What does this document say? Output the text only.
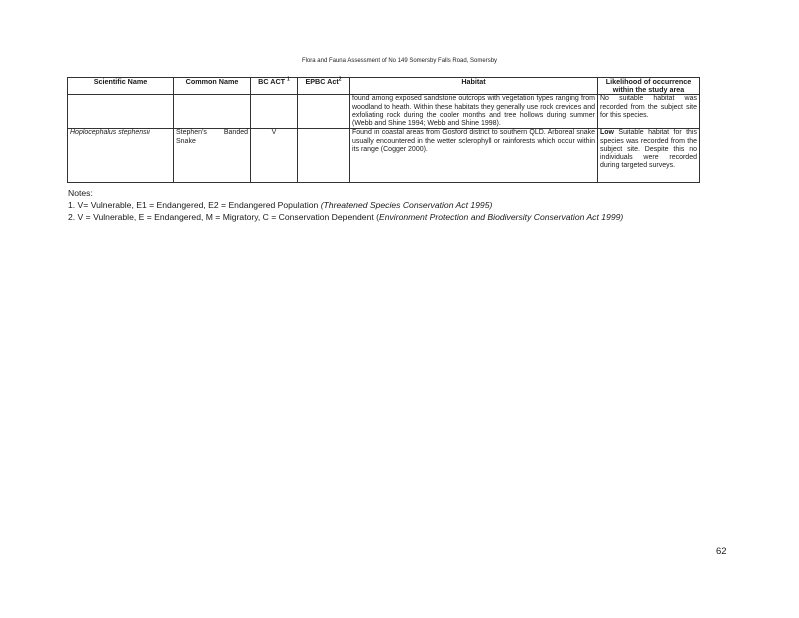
Flora and Fauna Assessment of No 149 Somersby Falls Road, Somersby
Scientific Name	Common Name	BC ACT $^1$	EPBC Act$^2$	Habitat	Likelihood of occurrence within the study area
				found among exposed sandstone outcrops with vegetation types ranging from woodland to heath. Within these habitats they generally use rock crevices and exfoliating rock during the cooler months and tree hollows during summer (Webb and Shine 1994; Webb and Shine 1998).	No suitable habitat was recorded from the subject site for this species.
Hoplocephalus stephensii	Stephen's Banded Snake	V		Found in coastal areas from Gosford district to southern QLD. Arboreal snake usually encountered in the wetter sclerophyll or rainforests which occur within its range (Cogger 2000).	Low Suitable habitat for this species was recorded from the subject site. Despite this no individuals were recorded during targeted surveys.

Notes:

1. V= Vulnerable, E1 = Endangered, E2 = Endangered Population (Threatened Species Conservation Act 1995)

2. V = Vulnerable, E = Endangered, M = Migratory, C = Conservation Dependent (Environment Protection and Biodiversity Conservation Act 1999)

62
